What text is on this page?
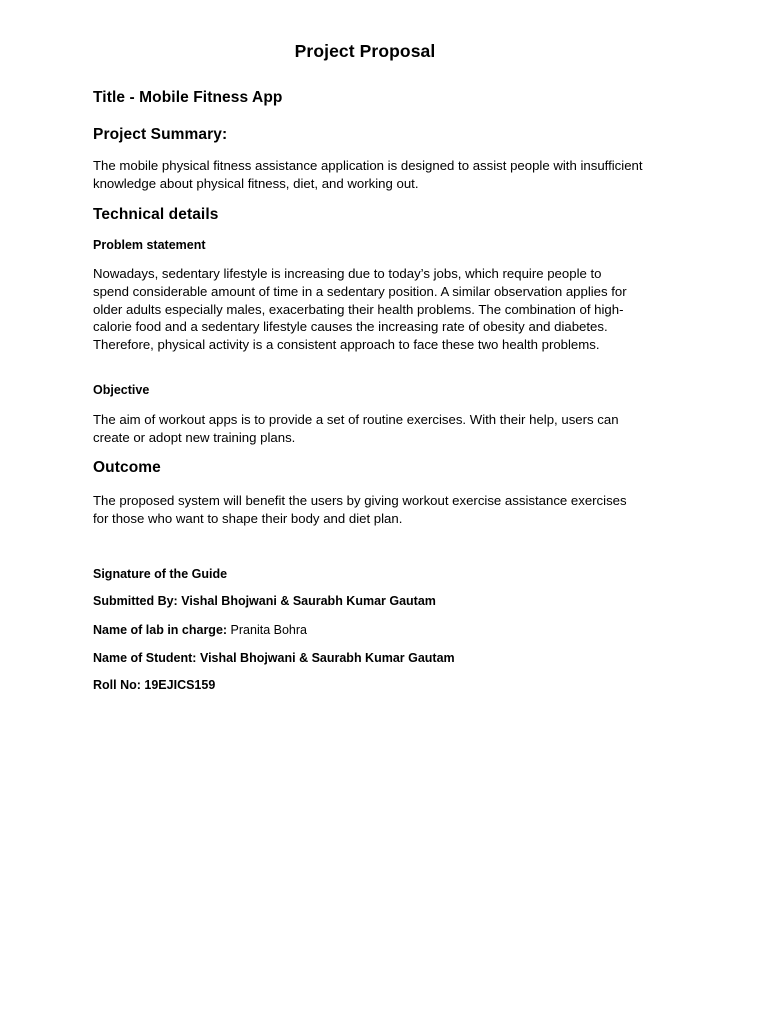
Project Proposal
Title - Mobile Fitness App
Project Summary:

The mobile physical fitness assistance application is designed to assist people with insufficient
knowledge about physical fitness, diet, and working out.

Technical details
Problem statement

Nowadays, sedentary lifestyle is increasing due to today’s jobs, which require people to
spend considerable amount of time in a sedentary position. A similar observation applies for
older adults especially males, exacerbating their health problems. The combination of high-
calorie food and a sedentary lifestyle causes the increasing rate of obesity and diabetes.
Therefore, physical activity is a consistent approach to face these two health problems.

Objective

The aim of workout apps is to provide a set of routine exercises. With their help, users can
create or adopt new training plans.

Outcome

The proposed system will benefit the users by giving workout exercise assistance exercises
for those who want to shape their body and diet plan.

Signature of the Guide
Submitted By: Vishal Bhojwani & Saurabh Kumar Gautam
Name of lab in charge: Pranita Bohra
Name of Student: Vishal Bhojwani & Saurabh Kumar Gautam
Roll No: 19EJICS159
